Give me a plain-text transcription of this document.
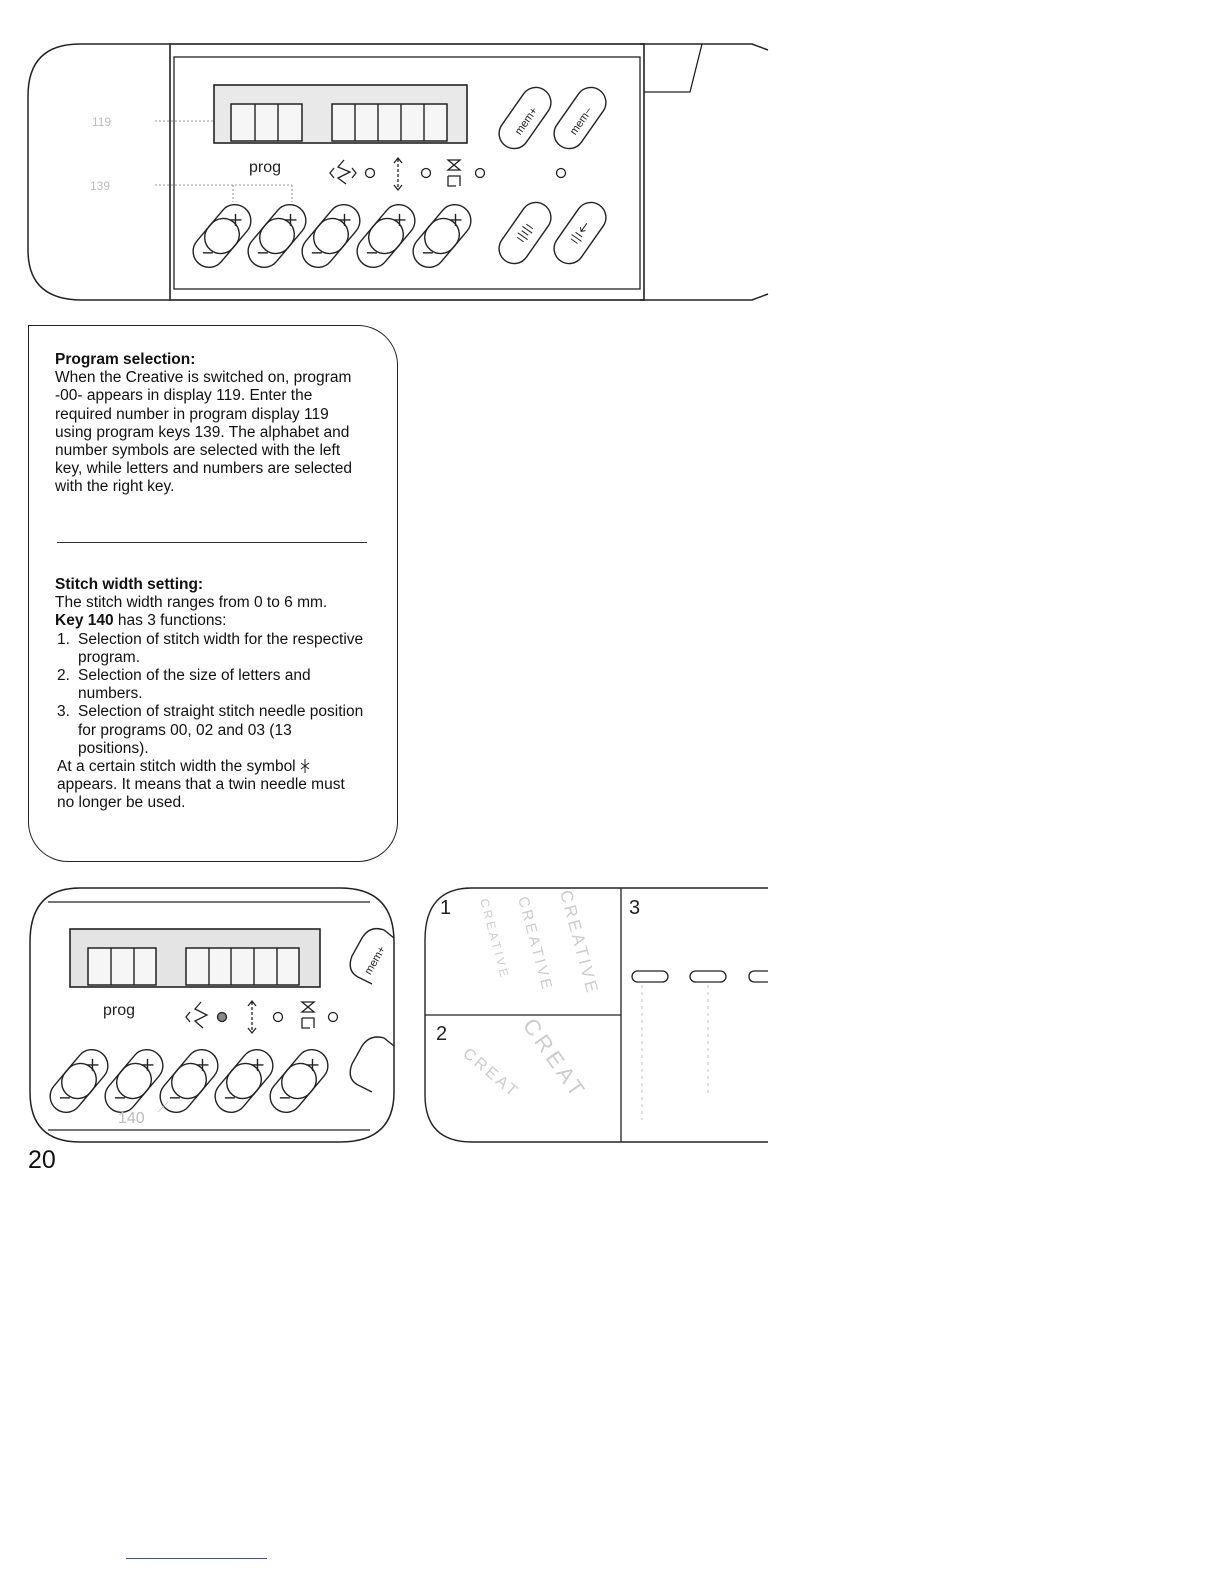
119
139
prog
mem+ mem−

Program selection:
When the Creative is switched on, program -00- appears in display 119. Enter the required number in program display 119 using program keys 139. The alphabet and number symbols are selected with the left key, while letters and numbers are selected with the right key.

Stitch width setting:
The stitch width ranges from 0 to 6 mm.
Key 140 has 3 functions:
1. Selection of stitch width for the respective program.
2. Selection of the size of letters and numbers.
3. Selection of straight stitch needle position for programs 00, 02 and 03 (13 positions).
At a certain stitch width the symbol  appears. It means that a twin needle must no longer be used.
prog
mem+
140
1
2
3
CREATIVE CREATIVE CREATIVE
CREAT
CREAT
20
